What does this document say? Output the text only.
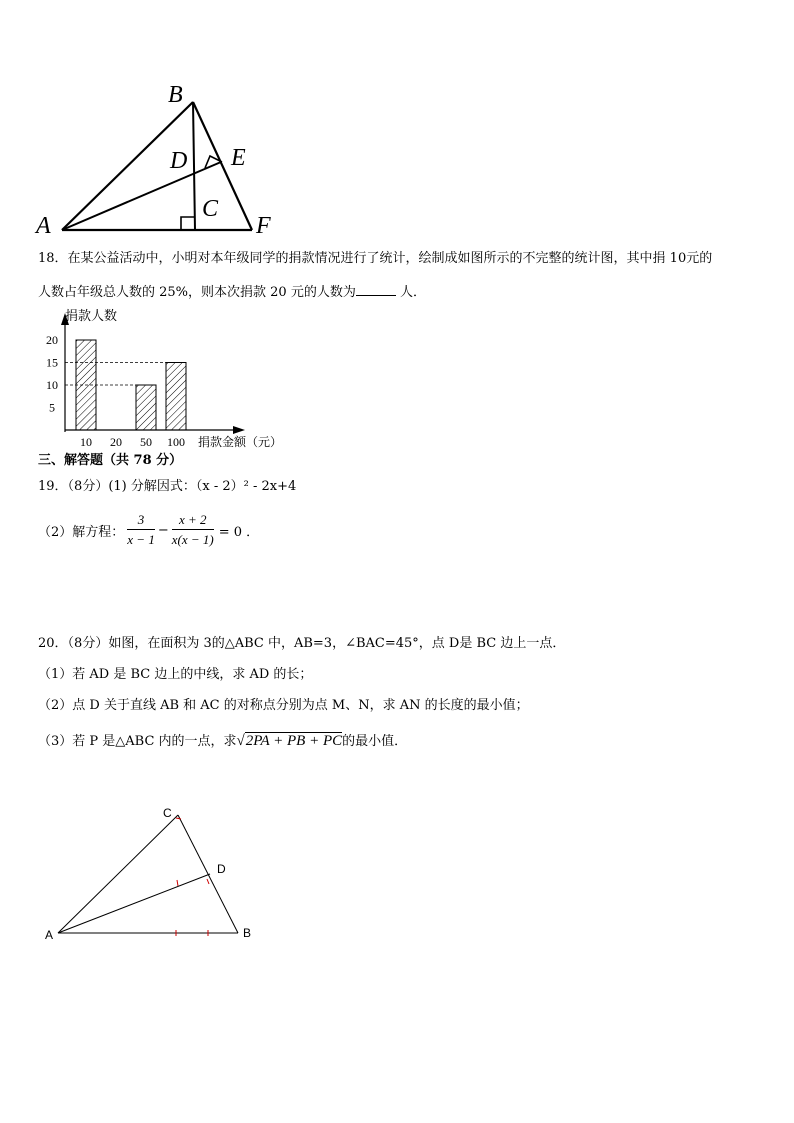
B
D E
C
A	F
18．在某公益活动中，小明对本年级同学的捐款情况进行了统计，绘制成如图所示的不完整的统计图，其中捐 10元的
人数占年级总人数的 25%，则本次捐款 20 元的人数为	人．
捐款人数
捐款金额（元）
10 20 50 100
5
10
15
20
三、解答题（共 78 分）
19．（8分）(1) 分解因式：（x - 2）² - 2x+4
（2）解方程： $\frac{3}{x - 1} - \frac{x + 2}{x(x - 1)} = 0$ ．
20．（8分）如图，在面积为 3的△ABC 中，AB=3，∠BAC=45°，点 D是 BC 边上一点．
（1）若 AD 是 BC 边上的中线，求 AD 的长；
（2）点 D 关于直线 AB 和 AC 的对称点分别为点 M、N，求 AN 的长度的最小值；
（3）若 P 是△ABC 内的一点，求√2PA + PB + PC的最小值．
C
D
A	B
